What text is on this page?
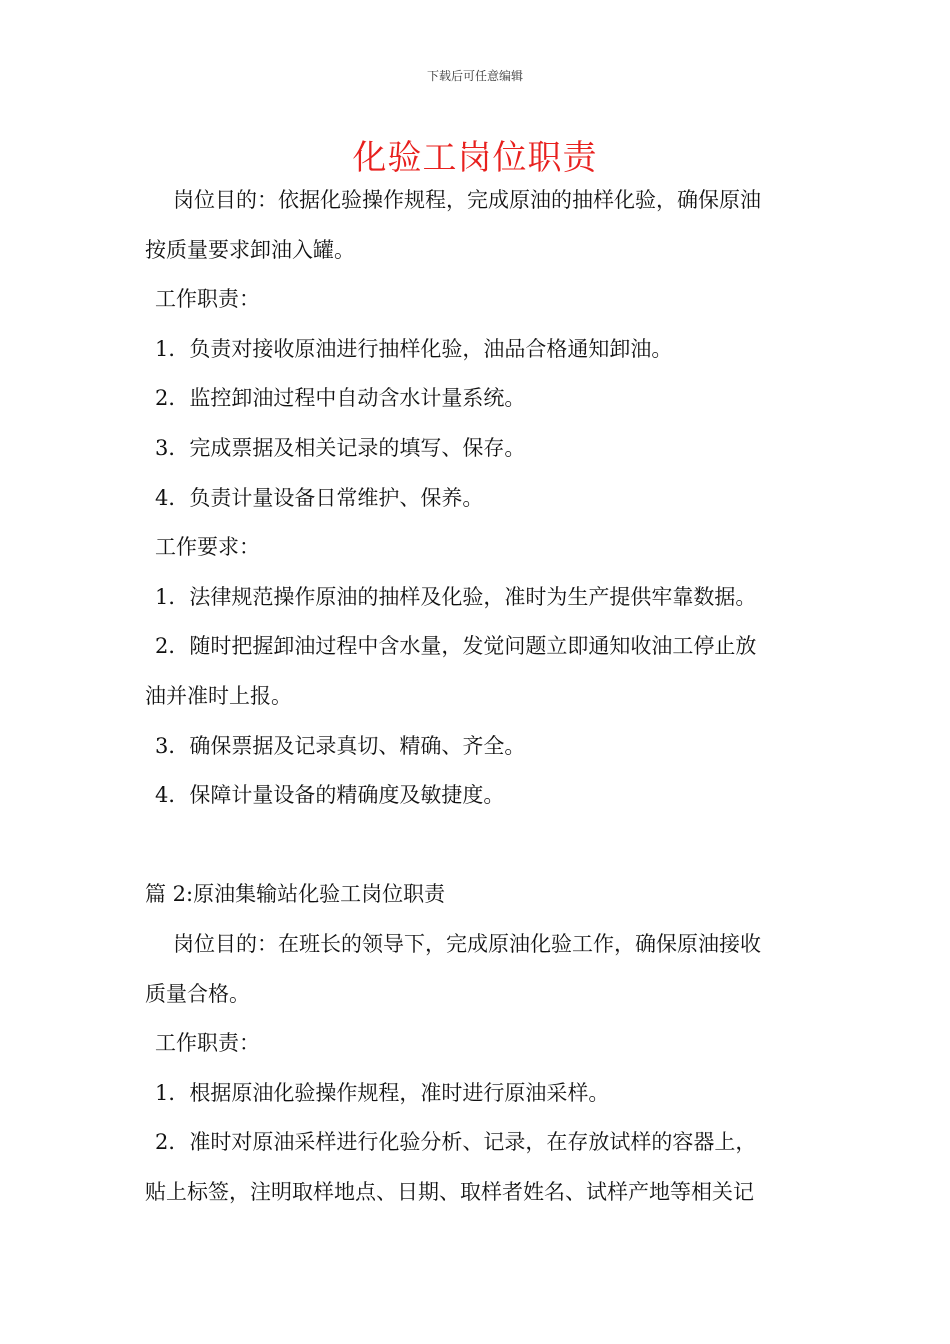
下载后可任意编辑
化验工岗位职责
岗位目的：依据化验操作规程，完成原油的抽样化验，确保原油
按质量要求卸油入罐。
工作职责：
1．负责对接收原油进行抽样化验，油品合格通知卸油。
2．监控卸油过程中自动含水计量系统。
3．完成票据及相关记录的填写、保存。
4．负责计量设备日常维护、保养。
工作要求：
1．法律规范操作原油的抽样及化验，准时为生产提供牢靠数据。
2．随时把握卸油过程中含水量，发觉问题立即通知收油工停止放
油并准时上报。
3．确保票据及记录真切、精确、齐全。
4．保障计量设备的精确度及敏捷度。
篇 2:原油集输站化验工岗位职责
岗位目的：在班长的领导下，完成原油化验工作，确保原油接收
质量合格。
工作职责：
1．根据原油化验操作规程，准时进行原油采样。
2．准时对原油采样进行化验分析、记录，在存放试样的容器上，
贴上标签，注明取样地点、日期、取样者姓名、试样产地等相关记
